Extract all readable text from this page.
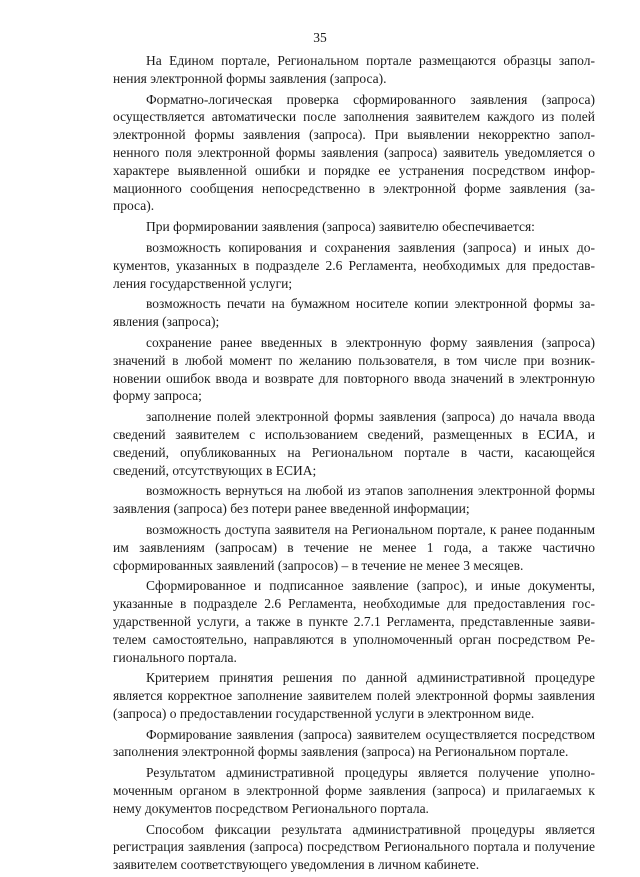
35

На Едином портале, Региональном портале размещаются образцы заполнения электронной формы заявления (запроса).

Форматно-логическая проверка сформированного заявления (запроса) осуществляется автоматически после заполнения заявителем каждого из полей электронной формы заявления (запроса). При выявлении некорректно заполненного поля электронной формы заявления (запроса) заявитель уведомляется о характере выявленной ошибки и порядке ее устранения посредством информационного сообщения непосредственно в электронной форме заявления (запроса).

При формировании заявления (запроса) заявителю обеспечивается:

возможность копирования и сохранения заявления (запроса) и иных документов, указанных в подразделе 2.6 Регламента, необходимых для предоставления государственной услуги;

возможность печати на бумажном носителе копии электронной формы заявления (запроса);

сохранение ранее введенных в электронную форму заявления (запроса) значений в любой момент по желанию пользователя, в том числе при возникновении ошибок ввода и возврате для повторного ввода значений в электронную форму запроса;

заполнение полей электронной формы заявления (запроса) до начала ввода сведений заявителем с использованием сведений, размещенных в ЕСИА, и сведений, опубликованных на Региональном портале в части, касающейся сведений, отсутствующих в ЕСИА;

возможность вернуться на любой из этапов заполнения электронной формы заявления (запроса) без потери ранее введенной информации;

возможность доступа заявителя на Региональном портале, к ранее поданным им заявлениям (запросам) в течение не менее 1 года, а также частично сформированных заявлений (запросов) – в течение не менее 3 месяцев.

Сформированное и подписанное заявление (запрос), и иные документы, указанные в подразделе 2.6 Регламента, необходимые для предоставления государственной услуги, а также в пункте 2.7.1 Регламента, представленные заявителем самостоятельно, направляются в уполномоченный орган посредством Регионального портала.

Критерием принятия решения по данной административной процедуре является корректное заполнение заявителем полей электронной формы заявления (запроса) о предоставлении государственной услуги в электронном виде.

Формирование заявления (запроса) заявителем осуществляется посредством заполнения электронной формы заявления (запроса) на Региональном портале.

Результатом административной процедуры является получение уполномоченным органом в электронной форме заявления (запроса) и прилагаемых к нему документов посредством Регионального портала.

Способом фиксации результата административной процедуры является регистрация заявления (запроса) посредством Регионального портала и получение заявителем соответствующего уведомления в личном кабинете.
